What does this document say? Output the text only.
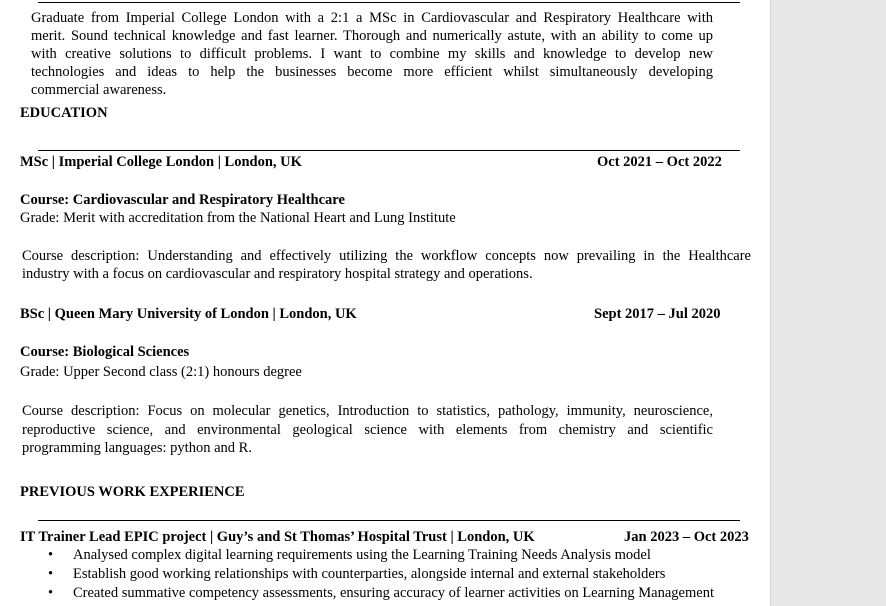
Graduate from Imperial College London with a 2:1 a MSc in Cardiovascular and Respiratory Healthcare with
merit. Sound technical knowledge and fast learner. Thorough and numerically astute, with an ability to come up
with creative solutions to difficult problems. I want to combine my skills and knowledge to develop new
technologies and ideas to help the businesses become more efficient whilst simultaneously developing
commercial awareness.
EDUCATION
MSc | Imperial College London | London, UK	Oct 2021 – Oct 2022
Course: Cardiovascular and Respiratory Healthcare
Grade: Merit with accreditation from the National Heart and Lung Institute
Course description: Understanding and effectively utilizing the workflow concepts now prevailing in the Healthcare
industry with a focus on cardiovascular and respiratory hospital strategy and operations.
BSc | Queen Mary University of London | London, UK	Sept 2017 – Jul 2020
Course: Biological Sciences
Grade: Upper Second class (2:1) honours degree
Course description: Focus on molecular genetics, Introduction to statistics, pathology, immunity, neuroscience,
reproductive science, and environmental geological science with elements from chemistry and scientific
programming languages: python and R.
PREVIOUS WORK EXPERIENCE
IT Trainer Lead EPIC project | Guy’s and St Thomas’ Hospital Trust | London, UK	Jan 2023 – Oct 2023
• Analysed complex digital learning requirements using the Learning Training Needs Analysis model
• Establish good working relationships with counterparties, alongside internal and external stakeholders
• Created summative competency assessments, ensuring accuracy of learner activities on Learning Management
